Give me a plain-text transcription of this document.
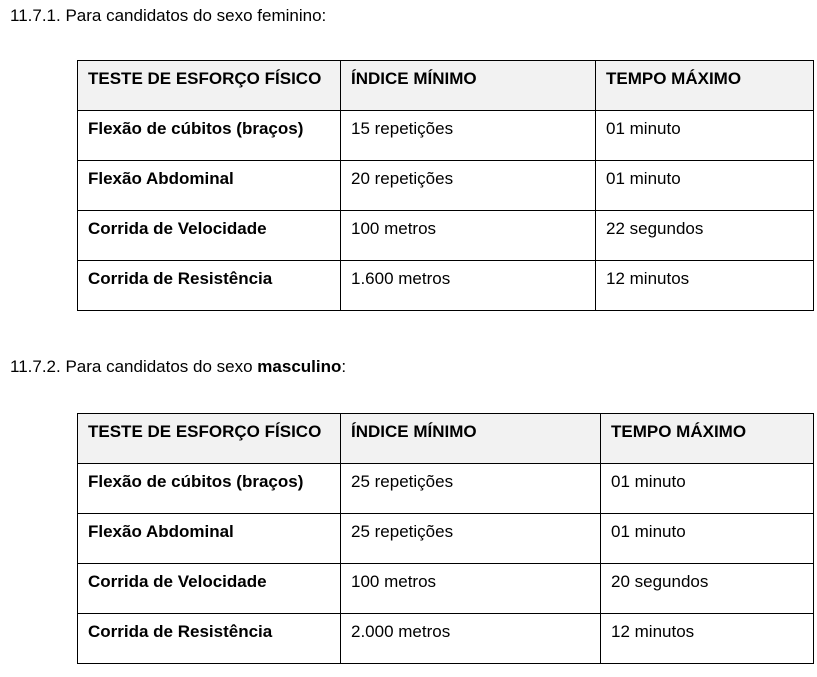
11.7.1. Para candidatos do sexo feminino:
TESTE DE ESFORÇO FÍSICO	ÍNDICE MÍNIMO	TEMPO MÁXIMO

Flexão de cúbitos (braços)	15 repetições	01 minuto

Flexão Abdominal	20 repetições	01 minuto

Corrida de Velocidade	100 metros	22 segundos

Corrida de Resistência	1.600 metros	12 minutos
11.7.2. Para candidatos do sexo masculino:
TESTE DE ESFORÇO FÍSICO	ÍNDICE MÍNIMO	TEMPO MÁXIMO

Flexão de cúbitos (braços)	25 repetições	01 minuto

Flexão Abdominal	25 repetições	01 minuto

Corrida de Velocidade	100 metros	20 segundos

Corrida de Resistência	2.000 metros	12 minutos
